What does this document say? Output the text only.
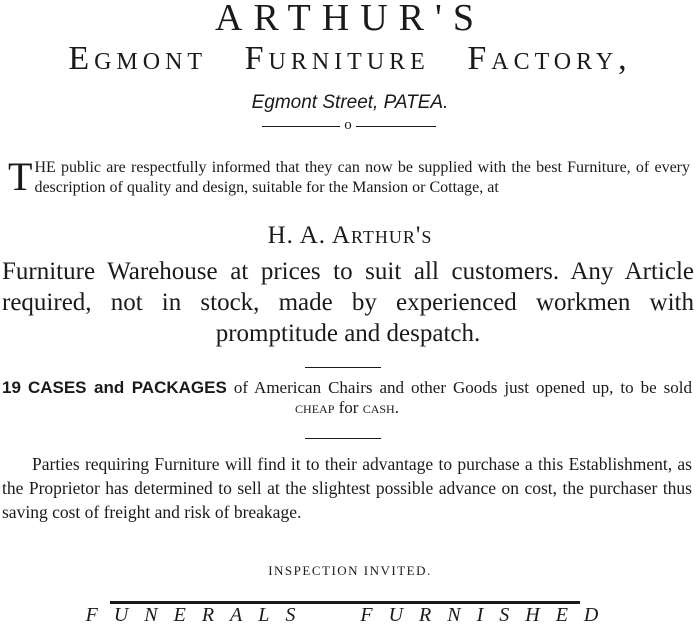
ARTHUR'S
Egmont Furniture Factory,
Egmont Street, PATEA.
o
T HE public are respectfully informed that they can now be supplied with the best Furniture, of every description of quality and design, suitable for the Mansion or Cottage, at

H. A. Arthur's

Furniture Warehouse at prices to suit all customers. Any Article required, not in stock, made by experienced workmen with promptitude and despatch.

19 CASES and PACKAGES of American Chairs and other Goods just opened up, to be sold cheap for cash.

Parties requiring Furniture will find it to their advantage to purchase a this Establishment, as the Proprietor has determined to sell at the slightest possible advance on cost, the purchaser thus saving cost of freight and risk of breakage.

INSPECTION INVITED.
FUNERALS FURNISHED
